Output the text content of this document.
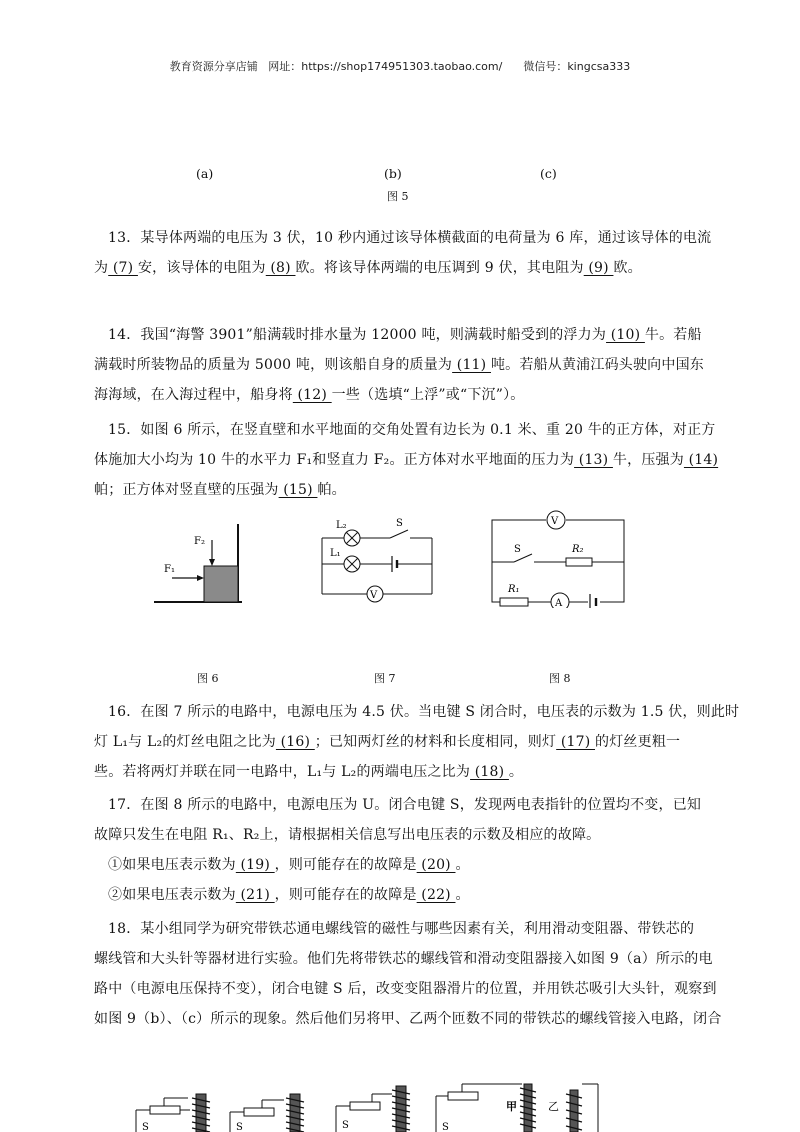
教育资源分享店铺   网址：https://shop174951303.taobao.com/      微信号：kingcsa333
(a)	(b)	(c)
图 5

13．某导体两端的电压为 3 伏，10 秒内通过该导体横截面的电荷量为 6 库，通过该导体的电流

为 (7) 安，该导体的电阻为 (8) 欧。将该导体两端的电压调到 9 伏，其电阻为 (9) 欧。

14．我国“海警 3901”船满载时排水量为 12000 吨，则满载时船受到的浮力为 (10) 牛。若船

满载时所装物品的质量为 5000 吨，则该船自身的质量为 (11) 吨。若船从黄浦江码头驶向中国东

海海域，在入海过程中，船身将 (12) 一些（选填“上浮”或“下沉”）。

15．如图 6 所示，在竖直壁和水平地面的交角处置有边长为 0.1 米、重 20 牛的正方体，对正方

体施加大小均为 10 牛的水平力 F₁和竖直力 F₂。正方体对水平地面的压力为 (13) 牛，压强为 (14)

帕；正方体对竖直壁的压强为 (15) 帕。

F₁
F₂
V
L₂
L₁
S	V
S	R₂
R₁
A
图 6	图 7	图 8

16．在图 7 所示的电路中，电源电压为 4.5 伏。当电键 S 闭合时，电压表的示数为 1.5 伏，则此时

灯 L₁与 L₂的灯丝电阻之比为 (16) ；已知两灯丝的材料和长度相同，则灯 (17) 的灯丝更粗一

些。若将两灯并联在同一电路中，L₁与 L₂的两端电压之比为 (18) 。

17．在图 8 所示的电路中，电源电压为 U。闭合电键 S，发现两电表指针的位置均不变，已知

故障只发生在电阻 R₁、R₂上，请根据相关信息写出电压表的示数及相应的故障。

①如果电压表示数为 (19) ，则可能存在的故障是 (20) 。

②如果电压表示数为 (21) ，则可能存在的故障是 (22) 。

18．某小组同学为研究带铁芯通电螺线管的磁性与哪些因素有关，利用滑动变阻器、带铁芯的

螺线管和大头针等器材进行实验。他们先将带铁芯的螺线管和滑动变阻器接入如图 9（a）所示的电

路中（电源电压保持不变），闭合电键 S 后，改变变阻器滑片的位置，并用铁芯吸引大头针，观察到

如图 9（b）、（c）所示的现象。然后他们另将甲、乙两个匝数不同的带铁芯的螺线管接入电路，闭合

S	S	S
甲	乙
S
